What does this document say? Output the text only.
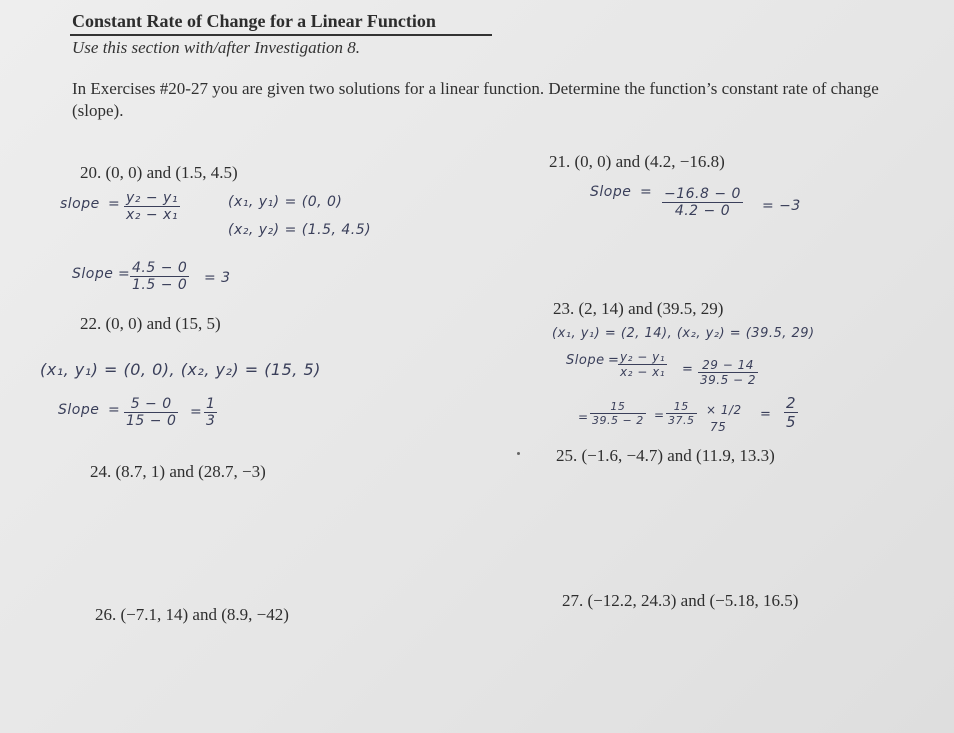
Constant Rate of Change for a Linear Function
Use this section with/after Investigation 8.
In Exercises #20-27 you are given two solutions for a linear function. Determine the function’s constant rate of change (slope).
20. (0, 0) and (1.5, 4.5)
21. (0, 0) and (4.2, −16.8)
22. (0, 0) and (15, 5)
23. (2, 14) and (39.5, 29)
24. (8.7, 1) and (28.7, −3)
25. (−1.6, −4.7) and (11.9, 13.3)
26. (−7.1, 14) and (8.9, −42)
27. (−12.2, 24.3) and (−5.18, 16.5)
slope = $\frac{\text{y₂ − y₁}}{\text{x₂ − x₁}}$	(x₁, y₁) = (0, 0)
(x₂, y₂) = (1.5, 4.5)
Slope = $\frac{4.5 - 0}{1.5 - 0} = 3$
Slope = $\frac{-16.8 - 0}{4.2 - 0} = -3$
(x₁, y₁) = (0, 0), (x₂, y₂) = (15, 5)
Slope = $\frac{5 - 0}{15 - 0} = \frac{1}{3}$
(x₁, y₁) = (2, 14), (x₂, y₂) = (39.5, 29)
Slope =
$\frac{\text{y₂ − y₁}}{\text{x₂ − x₁}} = \frac{29 - 14}{39.5 - 2}$
= $\frac{15}{39.5 - 2} = \frac{15}{37.5} \times 1/2$
75
= $\frac{2}{5}$
